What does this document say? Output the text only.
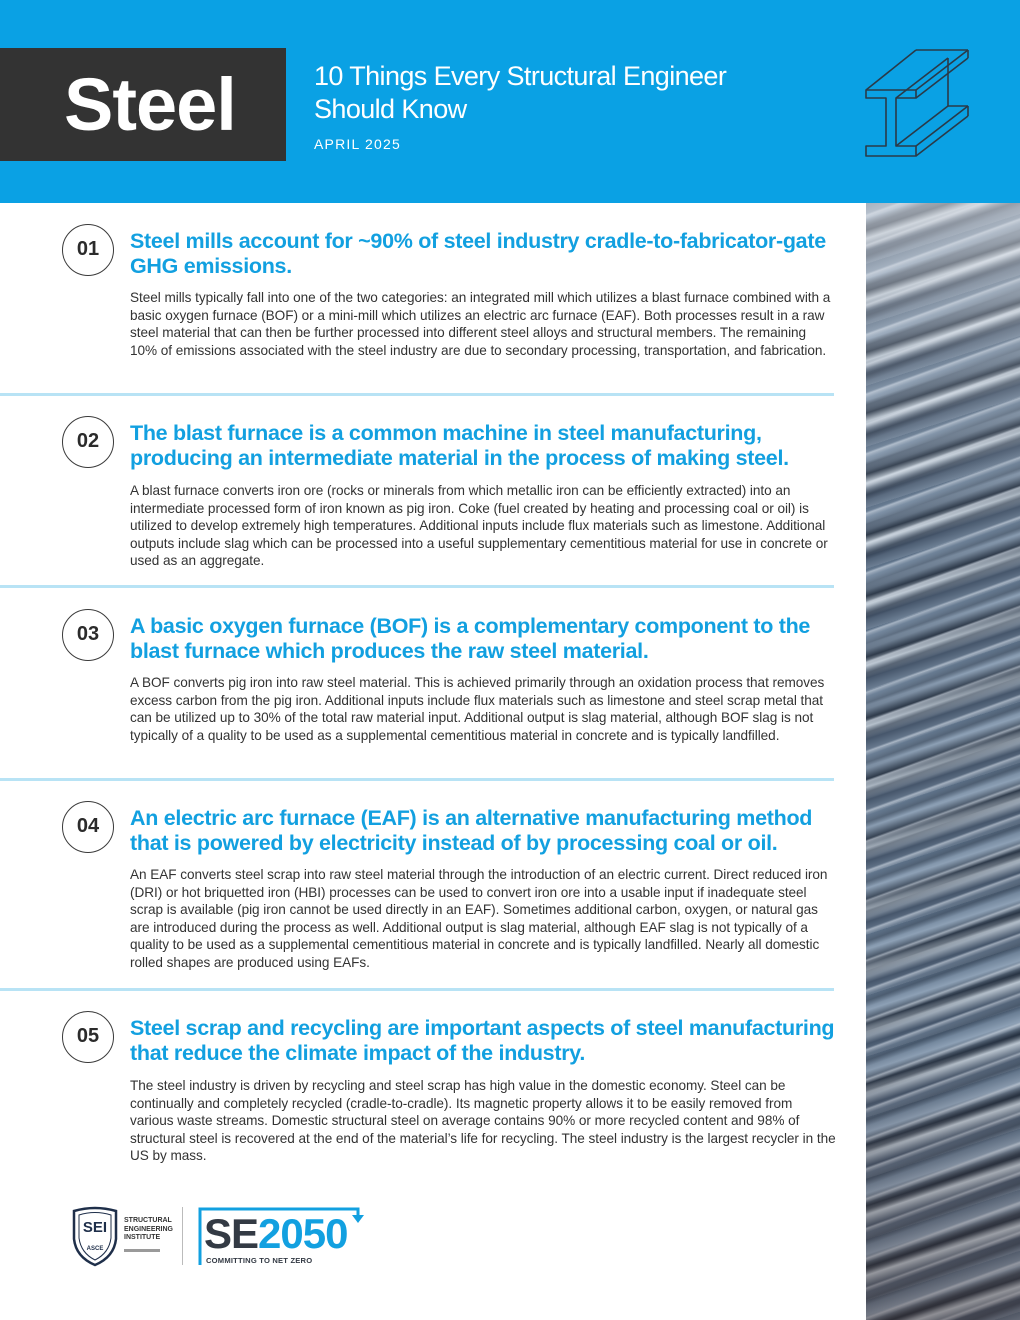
Steel	10 Things Every Structural Engineer Should Know
APRIL 2025
01	Steel mills account for ~90% of steel industry cradle-to-fabricator-gate GHG emissions.
Steel mills typically fall into one of the two categories: an integrated mill which utilizes a blast furnace combined with a basic oxygen furnace (BOF) or a mini-mill which utilizes an electric arc furnace (EAF). Both processes result in a raw steel material that can then be further processed into different steel alloys and structural members. The remaining 10% of emissions associated with the steel industry are due to secondary processing, transportation, and fabrication.
02	The blast furnace is a common machine in steel manufacturing, producing an intermediate material in the process of making steel.
A blast furnace converts iron ore (rocks or minerals from which metallic iron can be efficiently extracted) into an intermediate processed form of iron known as pig iron. Coke (fuel created by heating and processing coal or oil) is utilized to develop extremely high temperatures. Additional inputs include flux materials such as limestone. Additional outputs include slag which can be processed into a useful supplementary cementitious material for use in concrete or used as an aggregate.
03	A basic oxygen furnace (BOF) is a complementary component to the blast furnace which produces the raw steel material.
A BOF converts pig iron into raw steel material. This is achieved primarily through an oxidation process that removes excess carbon from the pig iron. Additional inputs include flux materials such as limestone and steel scrap metal that can be utilized up to 30% of the total raw material input. Additional output is slag material, although BOF slag is not typically of a quality to be used as a supplemental cementitious material in concrete and is typically landfilled.
04	An electric arc furnace (EAF) is an alternative manufacturing method that is powered by electricity instead of by processing coal or oil.
An EAF converts steel scrap into raw steel material through the introduction of an electric current. Direct reduced iron (DRI) or hot briquetted iron (HBI) processes can be used to convert iron ore into a usable input if inadequate steel scrap is available (pig iron cannot be used directly in an EAF). Sometimes additional carbon, oxygen, or natural gas are introduced during the process as well. Additional output is slag material, although EAF slag is not typically of a quality to be used as a supplemental cementitious material in concrete and is typically landfilled. Nearly all domestic rolled shapes are produced using EAFs.
05	Steel scrap and recycling are important aspects of steel manufacturing that reduce the climate impact of the industry.
The steel industry is driven by recycling and steel scrap has high value in the domestic economy. Steel can be continually and completely recycled (cradle-to-cradle). Its magnetic property allows it to be easily removed from various waste streams. Domestic structural steel on average contains 90% or more recycled content and 98% of structural steel is recovered at the end of the material’s life for recycling. The steel industry is the largest recycler in the US by mass.
SEI
ASCE
STRUCTURAL
ENGINEERING
INSTITUTE	SE2050
COMMITTING TO NET ZERO
